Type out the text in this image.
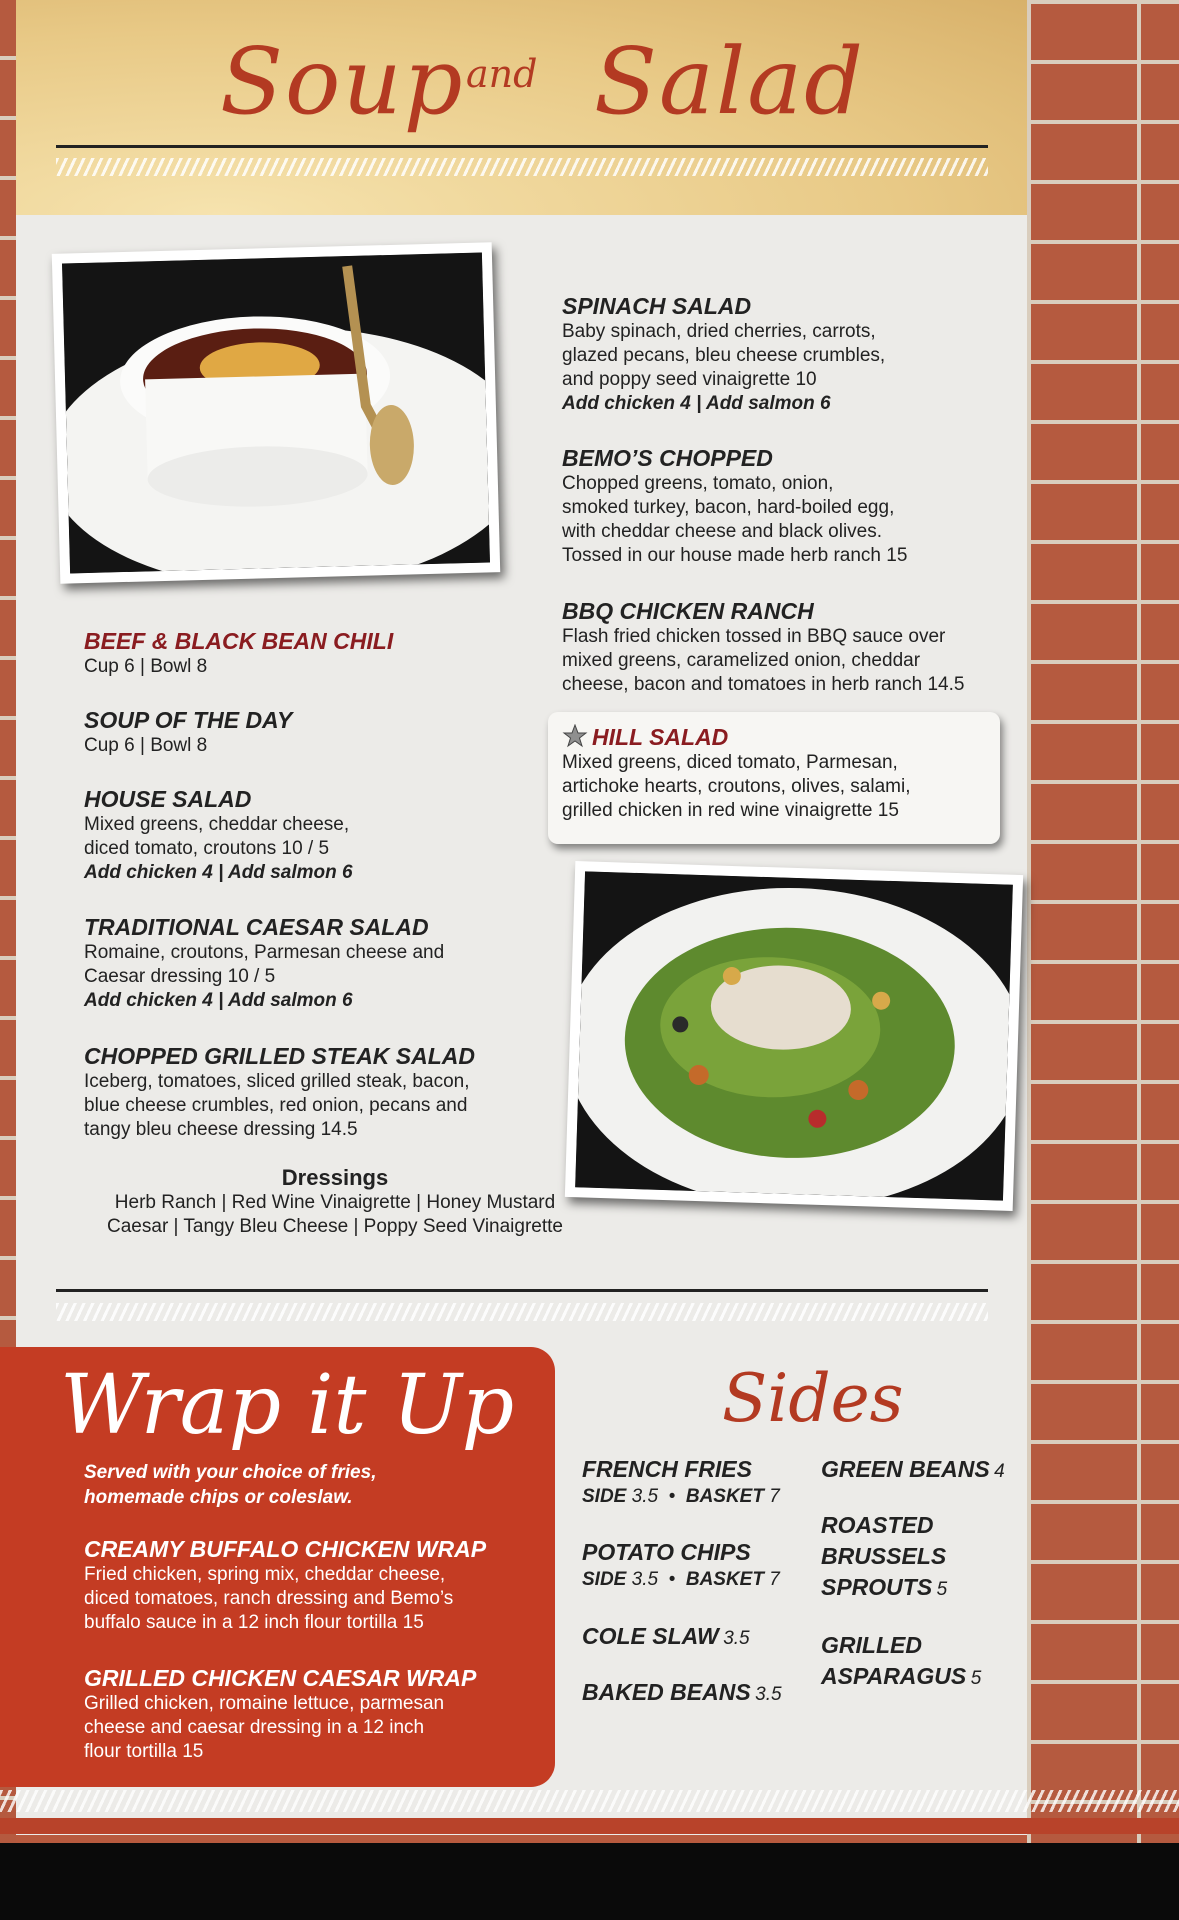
Soup and Salad
BEEF & BLACK BEAN CHILI
Cup 6 | Bowl 8
SOUP OF THE DAY
Cup 6 | Bowl 8
HOUSE SALAD
Mixed greens, cheddar cheese,
diced tomato, croutons 10 / 5
Add chicken 4 | Add salmon 6
TRADITIONAL CAESAR SALAD
Romaine, croutons, Parmesan cheese and
Caesar dressing 10 / 5
Add chicken 4 | Add salmon 6
CHOPPED GRILLED STEAK SALAD
Iceberg, tomatoes, sliced grilled steak, bacon,
blue cheese crumbles, red onion, pecans and
tangy bleu cheese dressing 14.5
Dressings
Herb Ranch | Red Wine Vinaigrette | Honey Mustard
Caesar | Tangy Bleu Cheese | Poppy Seed Vinaigrette
SPINACH SALAD
Baby spinach, dried cherries, carrots,
glazed pecans, bleu cheese crumbles,
and poppy seed vinaigrette 10
Add chicken 4 | Add salmon 6
BEMO’S CHOPPED
Chopped greens, tomato, onion,
smoked turkey, bacon, hard-boiled egg,
with cheddar cheese and black olives.
Tossed in our house made herb ranch 15
BBQ CHICKEN RANCH
Flash fried chicken tossed in BBQ sauce over
mixed greens, caramelized onion, cheddar
cheese, bacon and tomatoes in herb ranch 14.5
HILL SALAD
Mixed greens, diced tomato, Parmesan,
artichoke hearts, croutons, olives, salami,
grilled chicken in red wine vinaigrette 15
Wrap it Up
Served with your choice of fries,
homemade chips or coleslaw.
CREAMY BUFFALO CHICKEN WRAP
Fried chicken, spring mix, cheddar cheese,
diced tomatoes, ranch dressing and Bemo’s
buffalo sauce in a 12 inch flour tortilla 15
GRILLED CHICKEN CAESAR WRAP
Grilled chicken, romaine lettuce, parmesan
cheese and caesar dressing in a 12 inch
flour tortilla 15
Sides
FRENCH FRIES
SIDE 3.5 • BASKET 7
POTATO CHIPS
SIDE 3.5 • BASKET 7
COLE SLAW 3.5
BAKED BEANS 3.5
GREEN BEANS 4
ROASTED
BRUSSELS
SPROUTS 5
GRILLED
ASPARAGUS 5
